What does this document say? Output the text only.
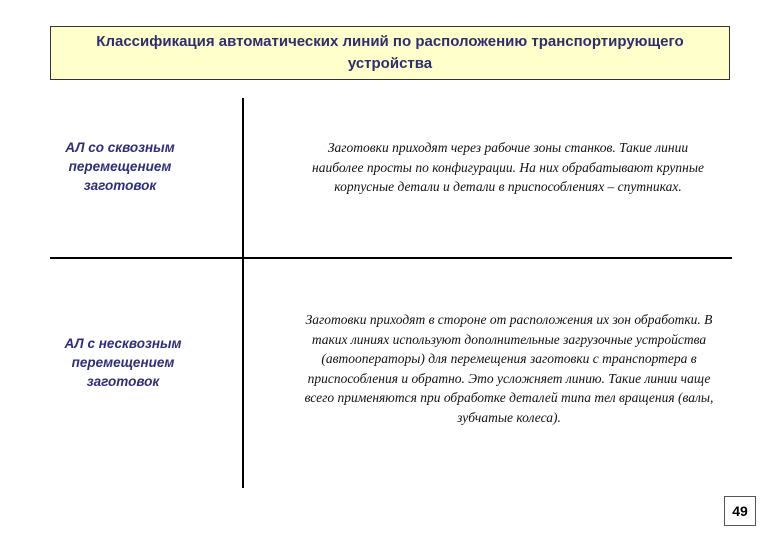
Классификация автоматических линий по расположению транспортирующего устройства
АЛ со сквозным перемещением заготовок
Заготовки приходят через рабочие зоны станков. Такие линии наиболее просты по конфигурации. На них обрабатывают крупные корпусные детали и детали в приспособлениях – спутниках.
АЛ с несквозным перемещением заготовок
Заготовки приходят в стороне от расположения их зон обработки. В таких линиях используют дополнительные загрузочные устройства (автооператоры) для перемещения заготовки с транспортера в приспособления и обратно. Это усложняет линию. Такие линии чаще всего применяются при обработке деталей типа тел вращения (валы, зубчатые колеса).
49
